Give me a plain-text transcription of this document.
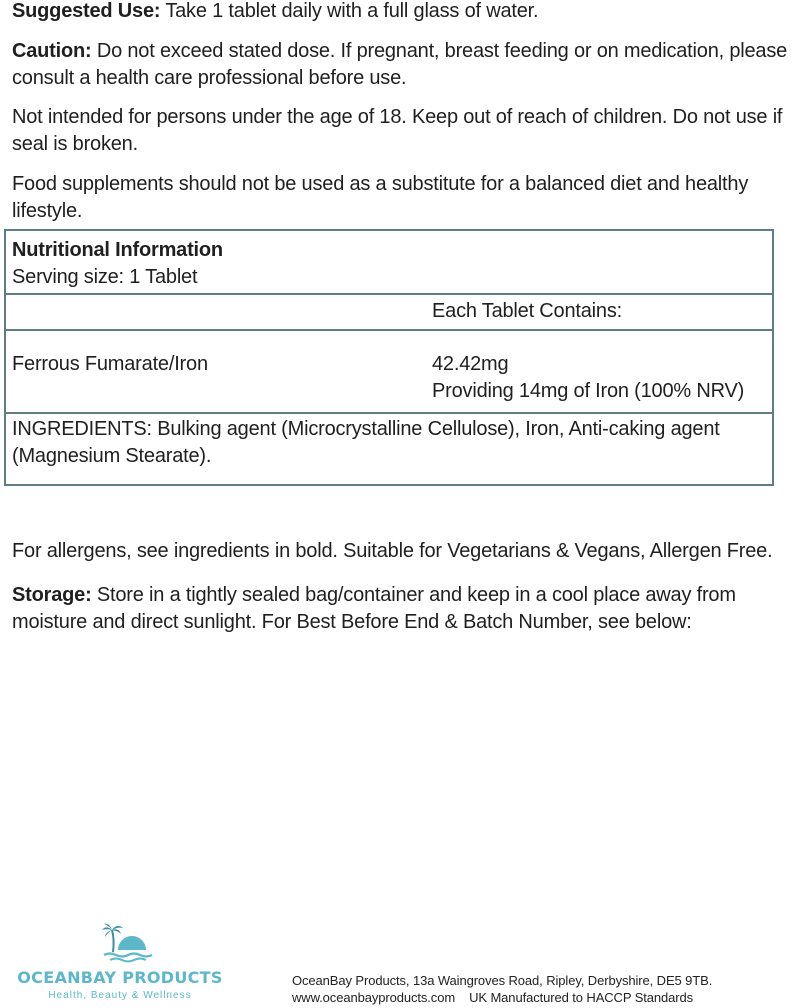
Suggested Use: Take 1 tablet daily with a full glass of water.

Caution: Do not exceed stated dose. If pregnant, breast feeding or on medication, please consult a health care professional before use.

Not intended for persons under the age of 18. Keep out of reach of children. Do not use if seal is broken.

Food supplements should not be used as a substitute for a balanced diet and healthy lifestyle.

Nutritional Information
Serving size: 1 Tablet
Each Tablet Contains:
Ferrous Fumarate/Iron	42.42mg
Providing 14mg of Iron (100% NRV)
INGREDIENTS: Bulking agent (Microcrystalline Cellulose), Iron, Anti-caking agent (Magnesium Stearate).

For allergens, see ingredients in bold. Suitable for Vegetarians & Vegans, Allergen Free.

Storage: Store in a tightly sealed bag/container and keep in a cool place away from moisture and direct sunlight. For Best Before End & Batch Number, see below:

OCEANBAY PRODUCTS
Health, Beauty & Wellness
OceanBay Products, 13a Waingroves Road, Ripley, Derbyshire, DE5 9TB.
www.oceanbayproducts.com UK Manufactured to HACCP Standards
